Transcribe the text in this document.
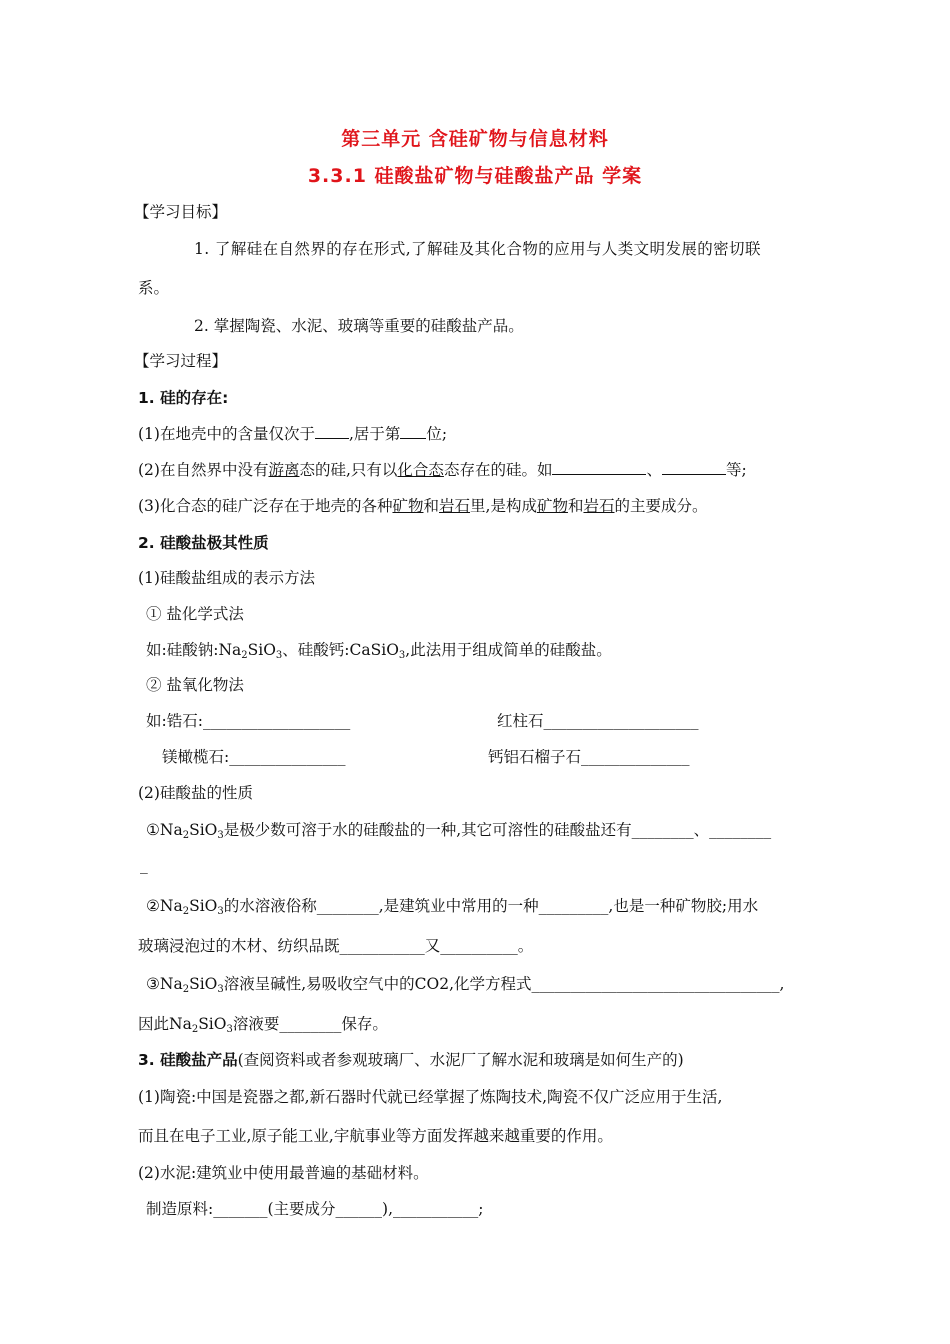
第三单元 含硅矿物与信息材料
3.3.1 硅酸盐矿物与硅酸盐产品 学案
【学习目标】
1. 了解硅在自然界的存在形式,了解硅及其化合物的应用与人类文明发展的密切联
系。
2. 掌握陶瓷、水泥、玻璃等重要的硅酸盐产品。
【学习过程】
1. 硅的存在:
(1)在地壳中的含量仅次于 ,居于第 位;
(2)在自然界中没有游离态的硅,只有以化合态态存在的硅。如	、	等;
(3)化合态的硅广泛存在于地壳的各种矿物和岩石里,是构成矿物和岩石的主要成分。
2. 硅酸盐极其性质
(1)硅酸盐组成的表示方法
① 盐化学式法
如:硅酸钠$:Na_2SiO_3$、硅酸钙:CaSiO$_3$,此法用于组成简单的硅酸盐。
② 盐氧化物法
如:锆石:___________________	红柱石____________________
镁橄榄石:_______________	钙铝石榴子石______________
(2)硅酸盐的性质
$①Na_2SiO_3$是极少数可溶于水的硅酸盐的一种,其它可溶性的硅酸盐还有________、________
_
$②Na_2SiO_3$的水溶液俗称________,是建筑业中常用的一种_________,也是一种矿物胶;用水
玻璃浸泡过的木材、纺织品既___________又__________。
$③Na_2SiO_3$溶液呈碱性,易吸收空气中的CO2,化学方程式________________________________,
因此$Na_2SiO_3$溶液要________保存。
3. 硅酸盐产品(查阅资料或者参观玻璃厂、水泥厂了解水泥和玻璃是如何生产的)
(1)陶瓷:中国是瓷器之都,新石器时代就已经掌握了炼陶技术,陶瓷不仅广泛应用于生活,
而且在电子工业,原子能工业,宇航事业等方面发挥越来越重要的作用。
(2)水泥:建筑业中使用最普遍的基础材料。
制造原料:_______(主要成分______),___________;
